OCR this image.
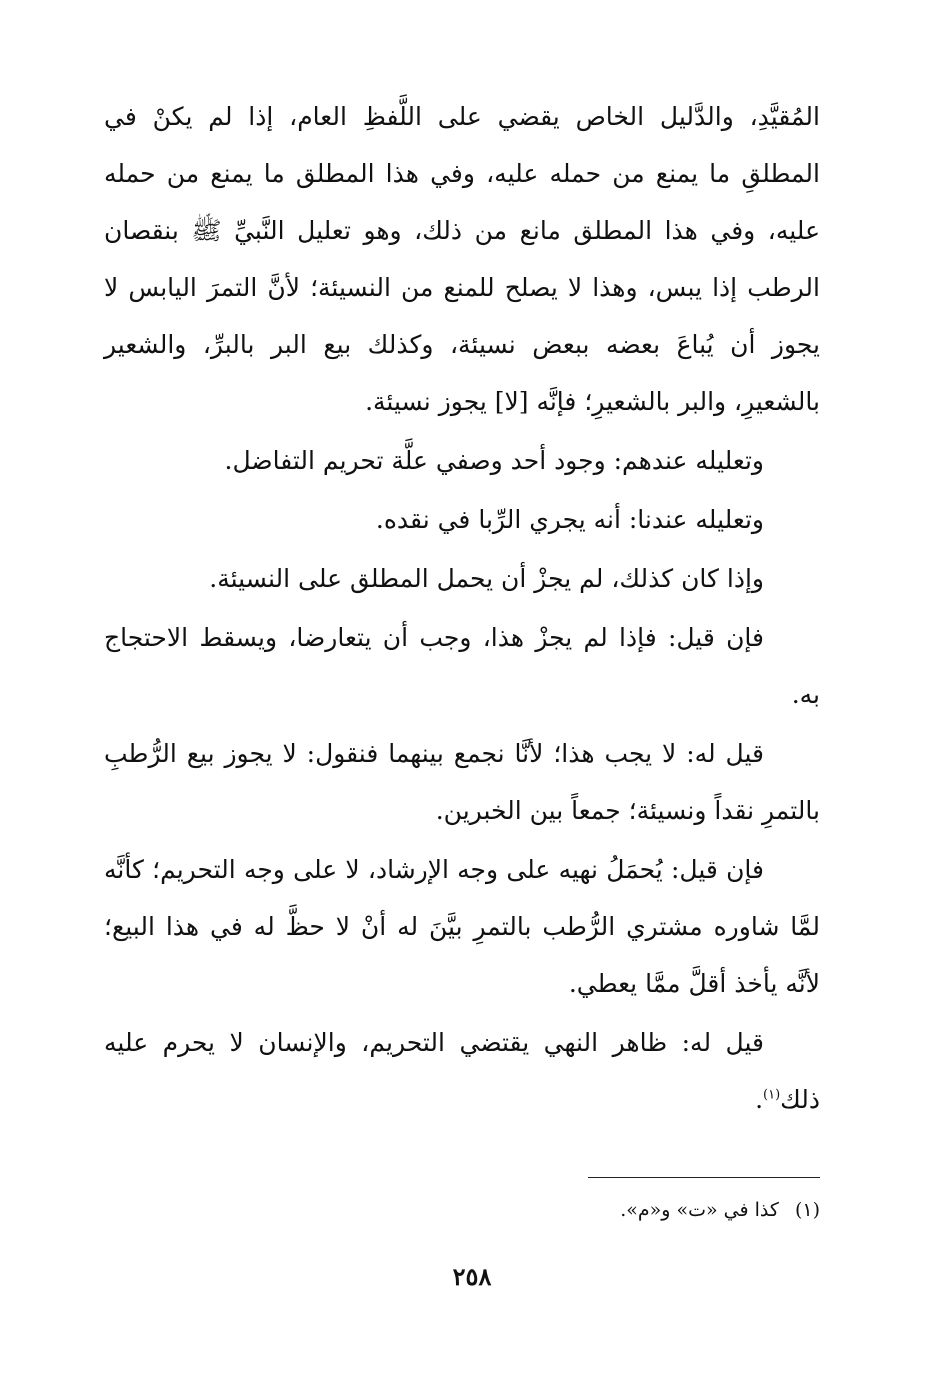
المُقيَّدِ، والدَّليل الخاص يقضي على اللَّفظِ العام، إذا لم يكنْ في المطلقِ ما يمنع من حمله عليه، وفي هذا المطلق ما يمنع من حمله عليه، وفي هذا المطلق مانع من ذلك، وهو تعليل النَّبيِّ ﷺ بنقصان الرطب إذا يبس، وهذا لا يصلح للمنع من النسيئة؛ لأنَّ التمرَ اليابس لا يجوز أن يُباعَ بعضه ببعض نسيئة، وكذلك بيع البر بالبرِّ، والشعير بالشعيرِ، والبر بالشعيرِ؛ فإنَّه [لا] يجوز نسيئة.

وتعليله عندهم: وجود أحد وصفي علَّة تحريم التفاضل.

وتعليله عندنا: أنه يجري الرِّبا في نقده.

وإذا كان كذلك، لم يجزْ أن يحمل المطلق على النسيئة.

فإن قيل: فإذا لم يجزْ هذا، وجب أن يتعارضا، ويسقط الاحتجاج به.

قيل له: لا يجب هذا؛ لأنَّا نجمع بينهما فنقول: لا يجوز بيع الرُّطبِ بالتمرِ نقداً ونسيئة؛ جمعاً بين الخبرين.

فإن قيل: يُحمَلُ نهيه على وجه الإرشاد، لا على وجه التحريم؛ كأنَّه لمَّا شاوره مشتري الرُّطب بالتمرِ بيَّنَ له أنْ لا حظَّ له في هذا البيع؛ لأنَّه يأخذ أقلَّ ممَّا يعطي.

قيل له: ظاهر النهي يقتضي التحريم، والإنسان لا يحرم عليه ذلك$^{(١)}$.

(١)كذا في «ت» و«م».
٢٥٨
